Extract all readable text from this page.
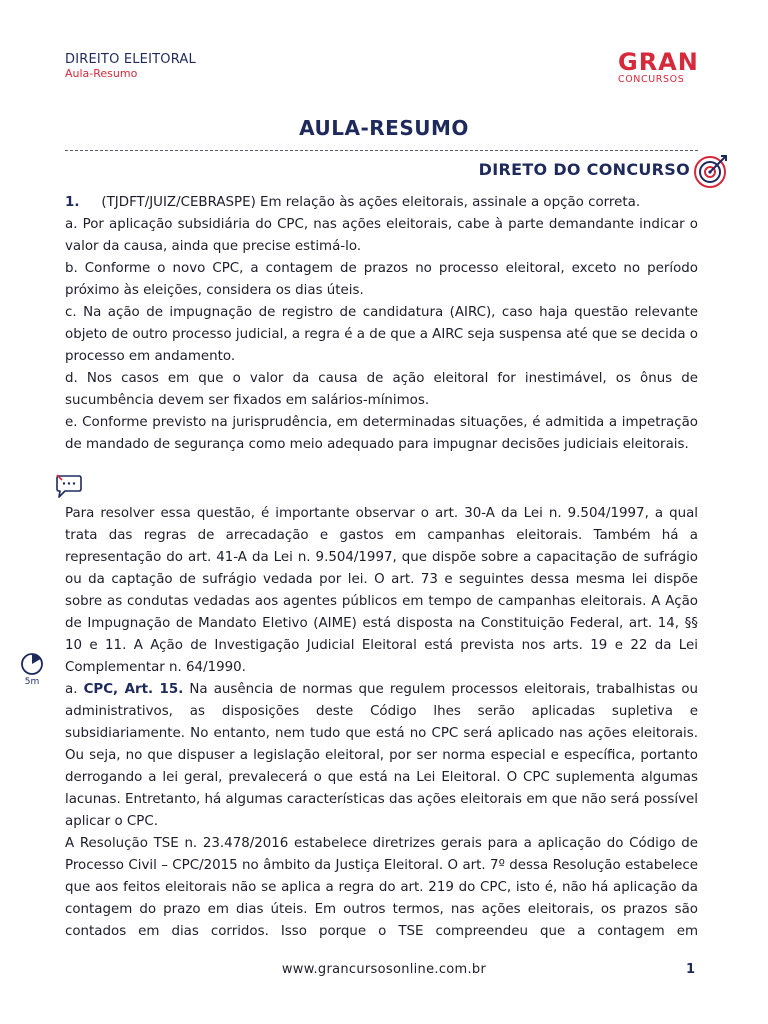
DIREITO ELEITORAL
Aula-Resumo	GRAN
CONCURSOS
AULA-RESUMO
DIRETO DO CONCURSO

1. (TJDFT/JUIZ/CEBRASPE) Em relação às ações eleitorais, assinale a opção correta.

a. Por aplicação subsidiária do CPC, nas ações eleitorais, cabe à parte demandante indicar o valor da causa, ainda que precise estimá-lo.

b. Conforme o novo CPC, a contagem de prazos no processo eleitoral, exceto no período próximo às eleições, considera os dias úteis.

c. Na ação de impugnação de registro de candidatura (AIRC), caso haja questão relevante objeto de outro processo judicial, a regra é a de que a AIRC seja suspensa até que se decida o processo em andamento.

d. Nos casos em que o valor da causa de ação eleitoral for inestimável, os ônus de sucumbência devem ser fixados em salários-mínimos.

e. Conforme previsto na jurisprudência, em determinadas situações, é admitida a impetração de mandado de segurança como meio adequado para impugnar decisões judiciais eleitorais.

5m

Para resolver essa questão, é importante observar o art. 30-A da Lei n. 9.504/1997, a qual trata das regras de arrecadação e gastos em campanhas eleitorais. Também há a representação do art. 41-A da Lei n. 9.504/1997, que dispõe sobre a capacitação de sufrágio ou da captação de sufrágio vedada por lei. O art. 73 e seguintes dessa mesma lei dispõe sobre as condutas vedadas aos agentes públicos em tempo de campanhas eleitorais. A Ação de Impugnação de Mandato Eletivo (AIME) está disposta na Constituição Federal, art. 14, §§ 10 e 11. A Ação de Investigação Judicial Eleitoral está prevista nos arts. 19 e 22 da Lei Complementar n. 64/1990.

a. CPC, Art. 15. Na ausência de normas que regulem processos eleitorais, trabalhistas ou administrativos, as disposições deste Código lhes serão aplicadas supletiva e subsidiariamente. No entanto, nem tudo que está no CPC será aplicado nas ações eleitorais. Ou seja, no que dispuser a legislação eleitoral, por ser norma especial e específica, portanto derrogando a lei geral, prevalecerá o que está na Lei Eleitoral. O CPC suplementa algumas lacunas. Entretanto, há algumas características das ações eleitorais em que não será possível aplicar o CPC.

A Resolução TSE n. 23.478/2016 estabelece diretrizes gerais para a aplicação do Código de Processo Civil – CPC/2015 no âmbito da Justiça Eleitoral. O art. 7º dessa Resolução estabelece que aos feitos eleitorais não se aplica a regra do art. 219 do CPC, isto é, não há aplicação da contagem do prazo em dias úteis. Em outros termos, nas ações eleitorais, os prazos são contados em dias corridos. Isso porque o TSE compreendeu que a contagem em

www.grancursosonline.com.br	1
